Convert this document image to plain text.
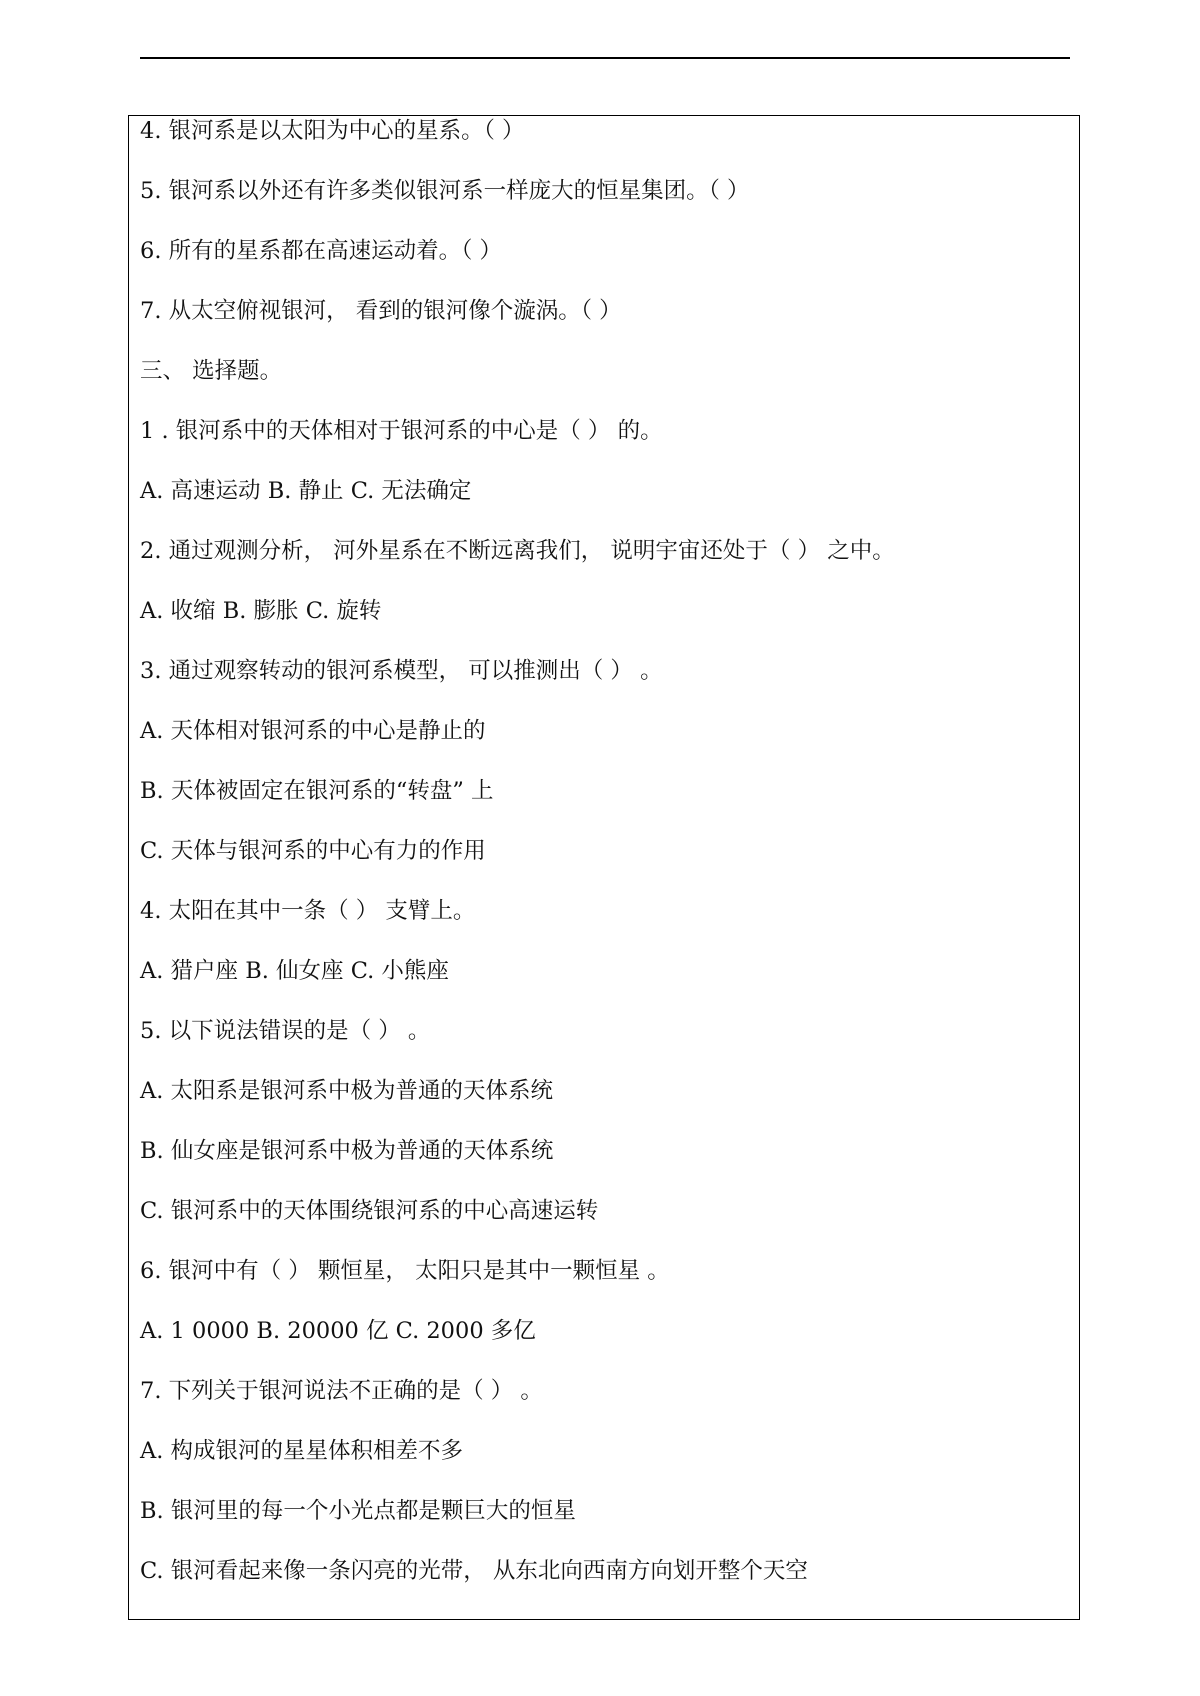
4. 银河系是以太阳为中心的星系。（ ）
5. 银河系以外还有许多类似银河系一样庞大的恒星集团。（ ）
6. 所有的星系都在高速运动着。（ ）
7. 从太空俯视银河， 看到的银河像个漩涡。（ ）
三、 选择题。
1 . 银河系中的天体相对于银河系的中心是（ ） 的。
A. 高速运动 B. 静止 C. 无法确定
2. 通过观测分析， 河外星系在不断远离我们， 说明宇宙还处于（ ） 之中。
A. 收缩 B. 膨胀 C. 旋转
3. 通过观察转动的银河系模型， 可以推测出（ ） 。
A. 天体相对银河系的中心是静止的
B. 天体被固定在银河系的“转盘” 上
C. 天体与银河系的中心有力的作用
4. 太阳在其中一条（ ） 支臂上。
A. 猎户座 B. 仙女座 C. 小熊座
5. 以下说法错误的是（ ） 。
A. 太阳系是银河系中极为普通的天体系统
B. 仙女座是银河系中极为普通的天体系统
C. 银河系中的天体围绕银河系的中心高速运转
6. 银河中有（ ） 颗恒星， 太阳只是其中一颗恒星 。
A. 1 0000 B. 20000 亿 C. 2000 多亿
7. 下列关于银河说法不正确的是（ ） 。
A. 构成银河的星星体积相差不多
B. 银河里的每一个小光点都是颗巨大的恒星
C. 银河看起来像一条闪亮的光带， 从东北向西南方向划开整个天空
